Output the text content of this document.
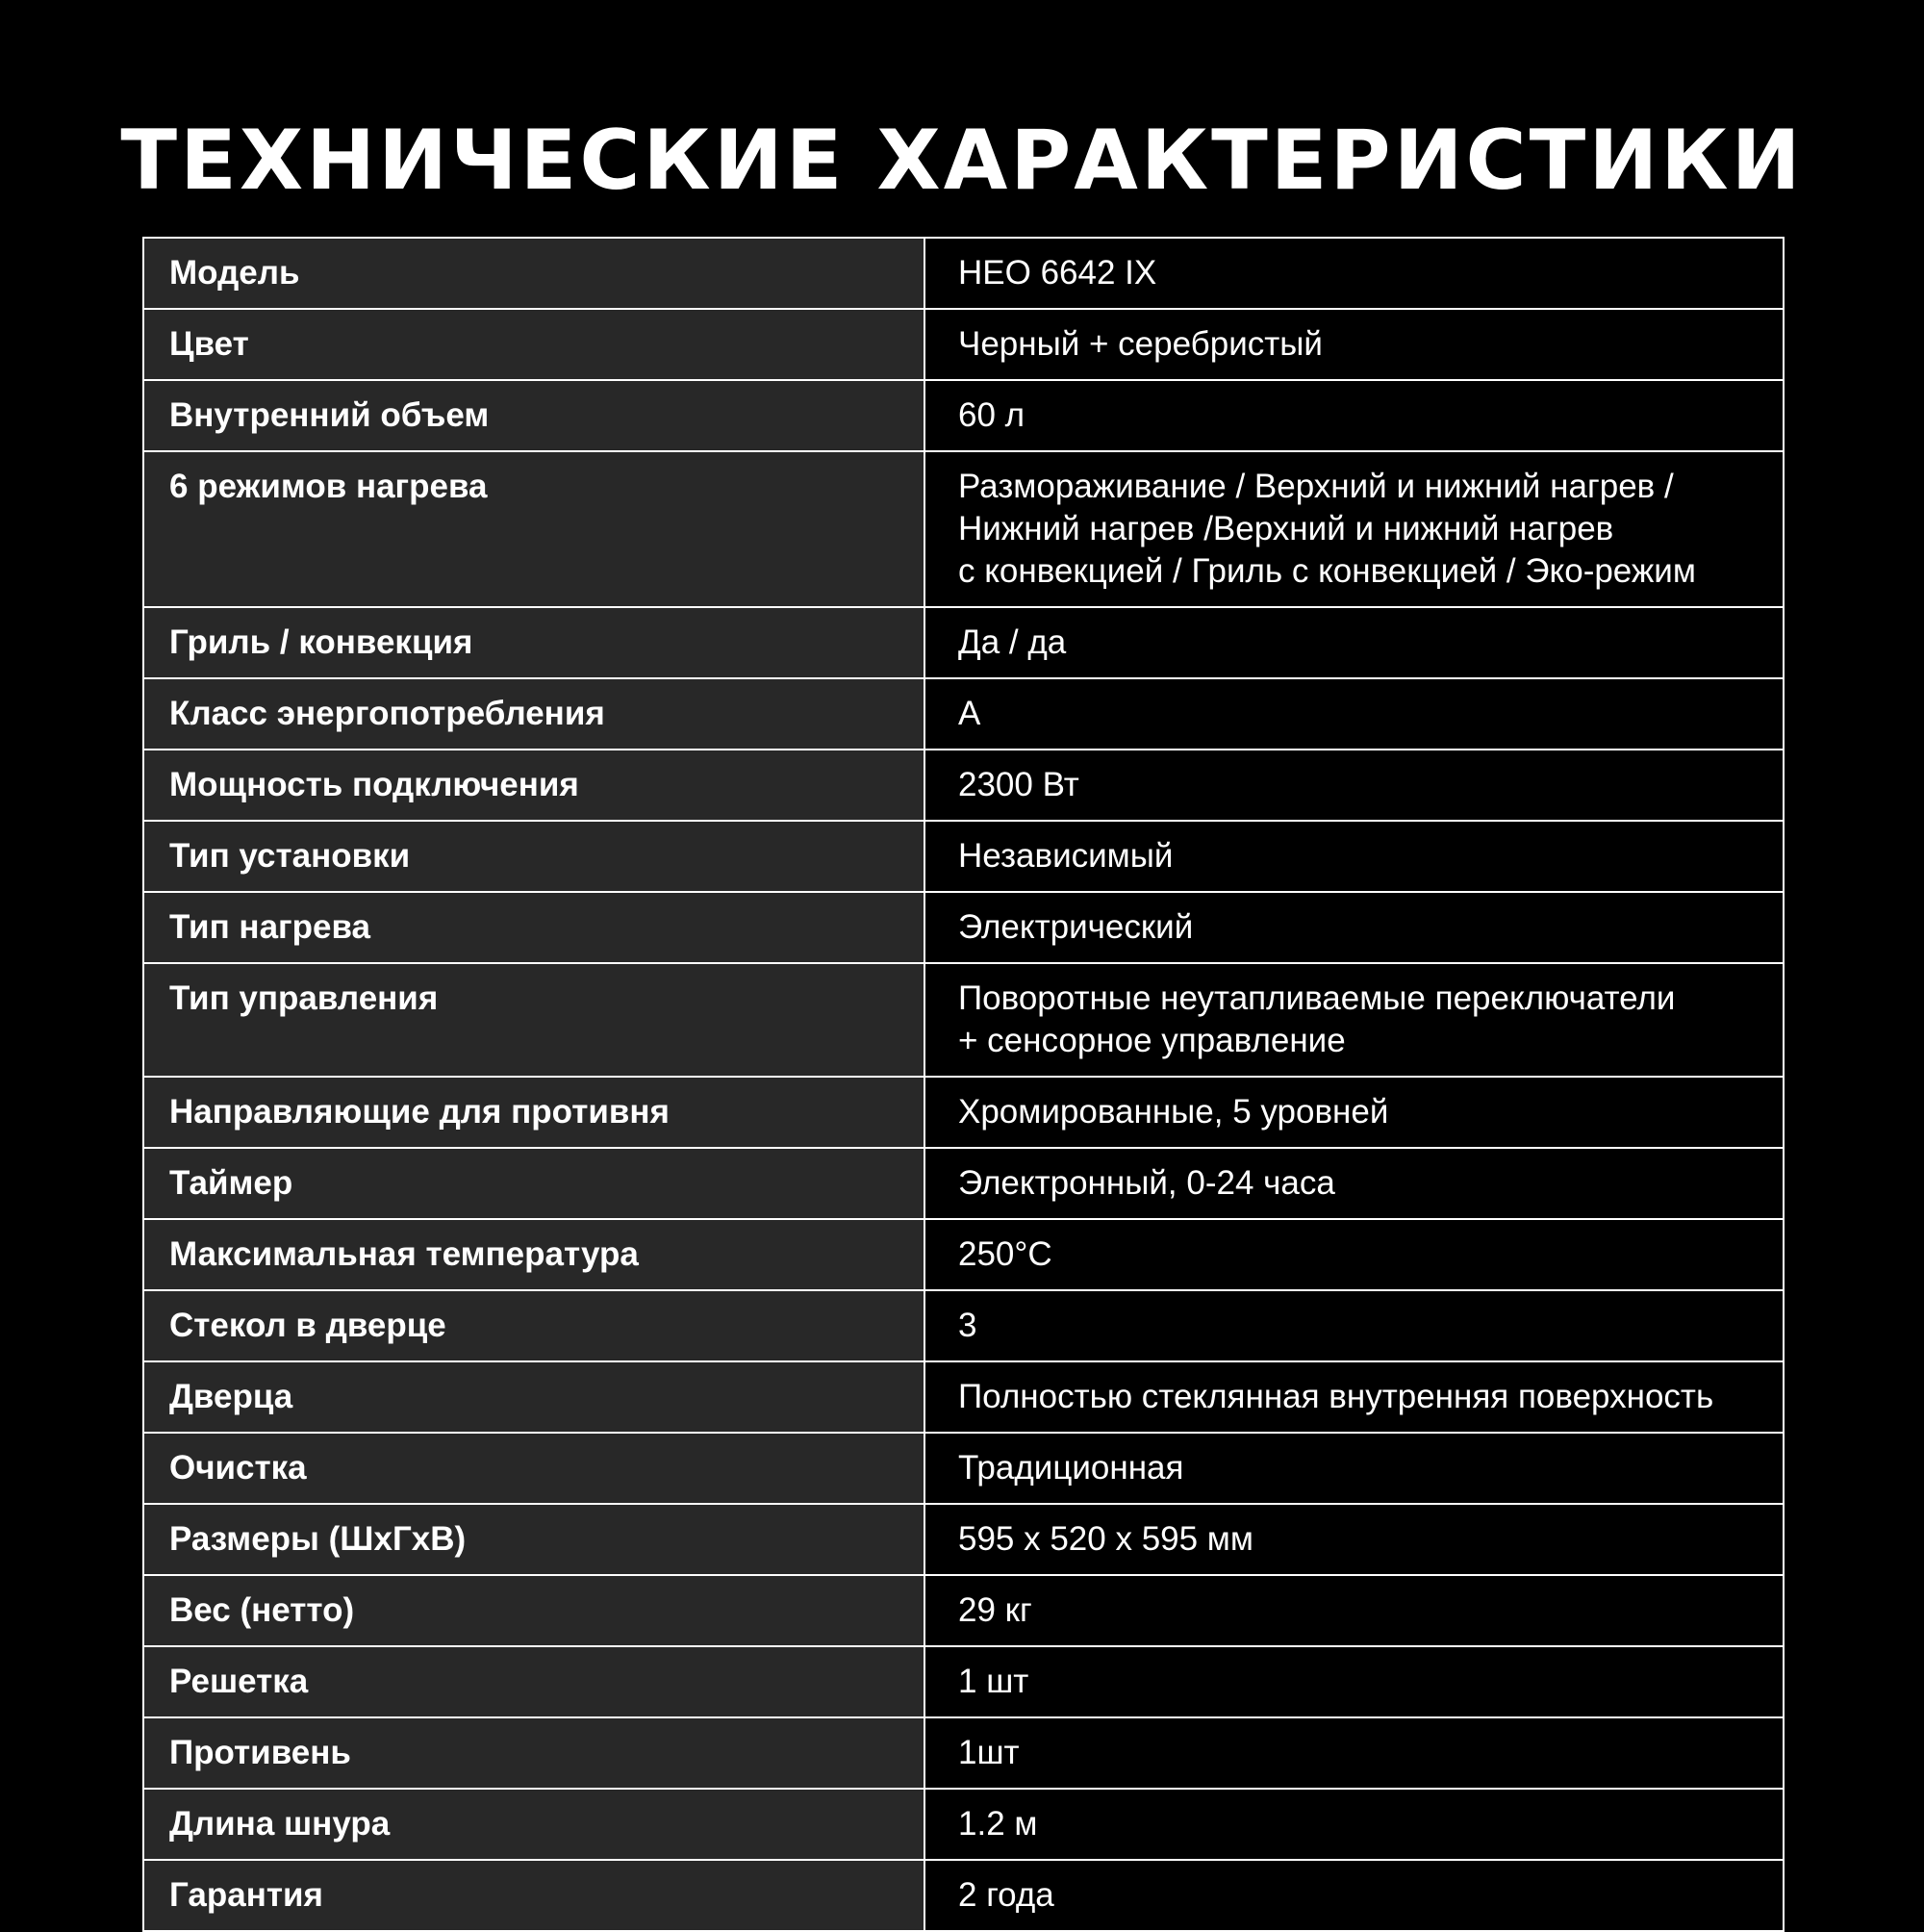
ТЕХНИЧЕСКИЕ ХАРАКТЕРИСТИКИ
Модель	HEO 6642 IX

Цвет	Черный + серебристый

Внутренний объем	60 л

6 режимов нагрева	Размораживание / Верхний и нижний нагрев /
Нижний нагрев /Верхний и нижний нагрев
с конвекцией / Гриль с конвекцией / Эко-режим

Гриль / конвекция	Да / да

Класс энергопотребления	А

Мощность подключения	2300 Вт

Тип установки	Независимый

Тип нагрева	Электрический

Тип управления	Поворотные неутапливаемые переключатели
+ сенсорное управление

Направляющие для противня	Хромированные, 5 уровней

Таймер	Электронный, 0-24 часа

Максимальная температура	250°C

Стекол в дверце	3

Дверца	Полностью стеклянная внутренняя поверхность

Очистка	Традиционная

Размеры (ШхГхВ)	595 х 520 х 595 мм

Вес (нетто)	29 кг

Решетка	1 шт

Противень	1шт

Длина шнура	1.2 м

Гарантия	2 года
